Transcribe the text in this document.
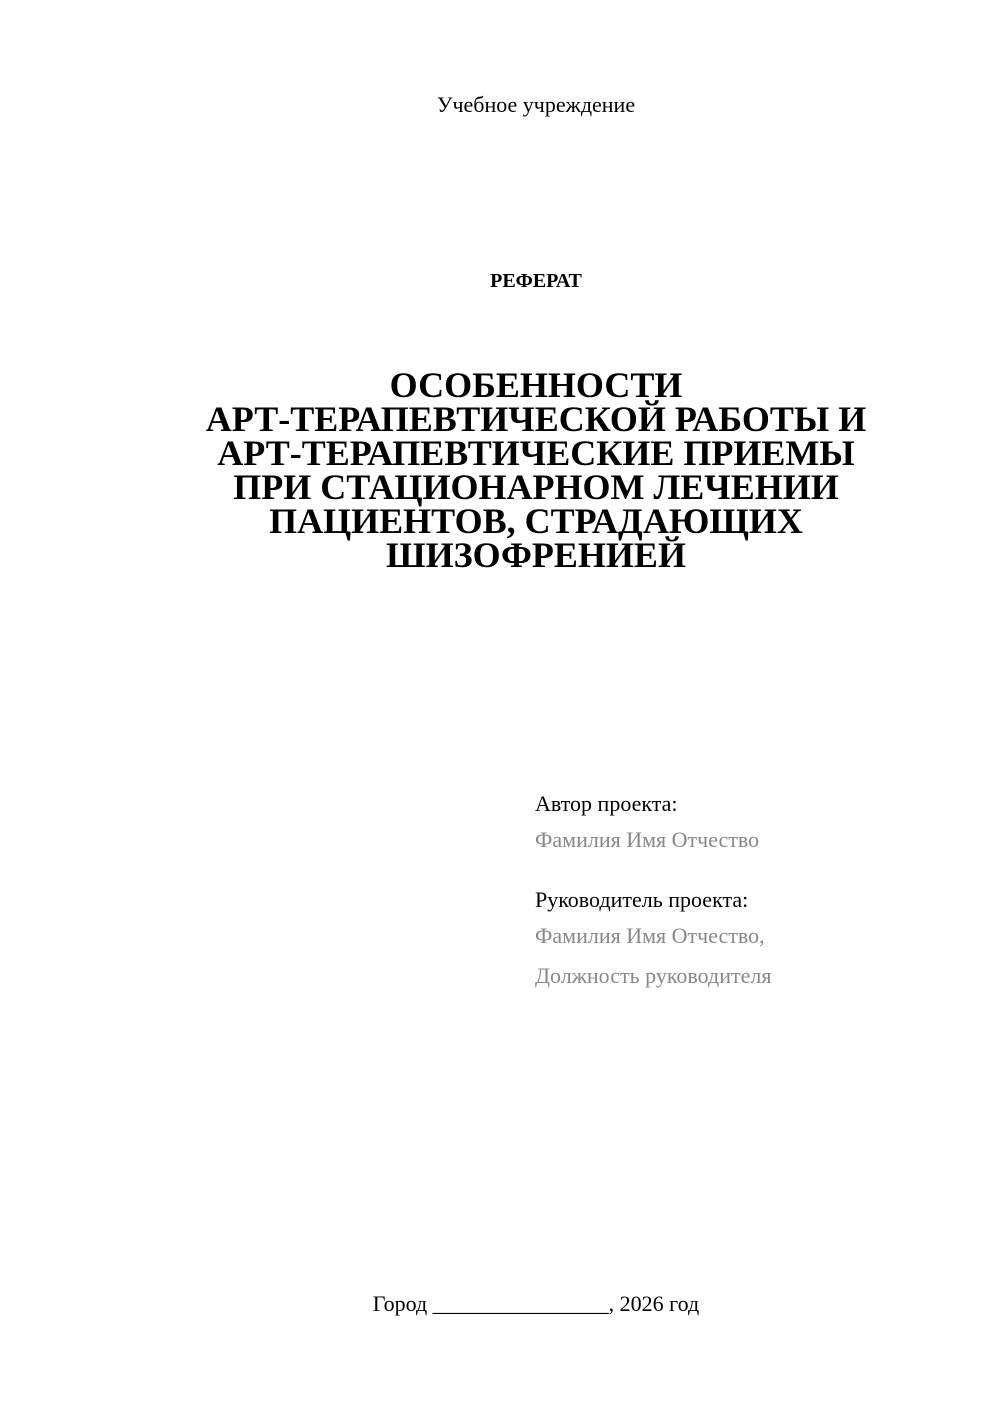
Учебное учреждение
РЕФЕРАТ
ОСОБЕННОСТИ
АРТ-ТЕРАПЕВТИЧЕСКОЙ РАБОТЫ И
АРТ-ТЕРАПЕВТИЧЕСКИЕ ПРИЕМЫ
ПРИ СТАЦИОНАРНОМ ЛЕЧЕНИИ
ПАЦИЕНТОВ, СТРАДАЮЩИХ
ШИЗОФРЕНИЕЙ
Автор проекта:
Фамилия Имя Отчество
Руководитель проекта:
Фамилия Имя Отчество,
Должность руководителя
Город ________________, 2026 год
